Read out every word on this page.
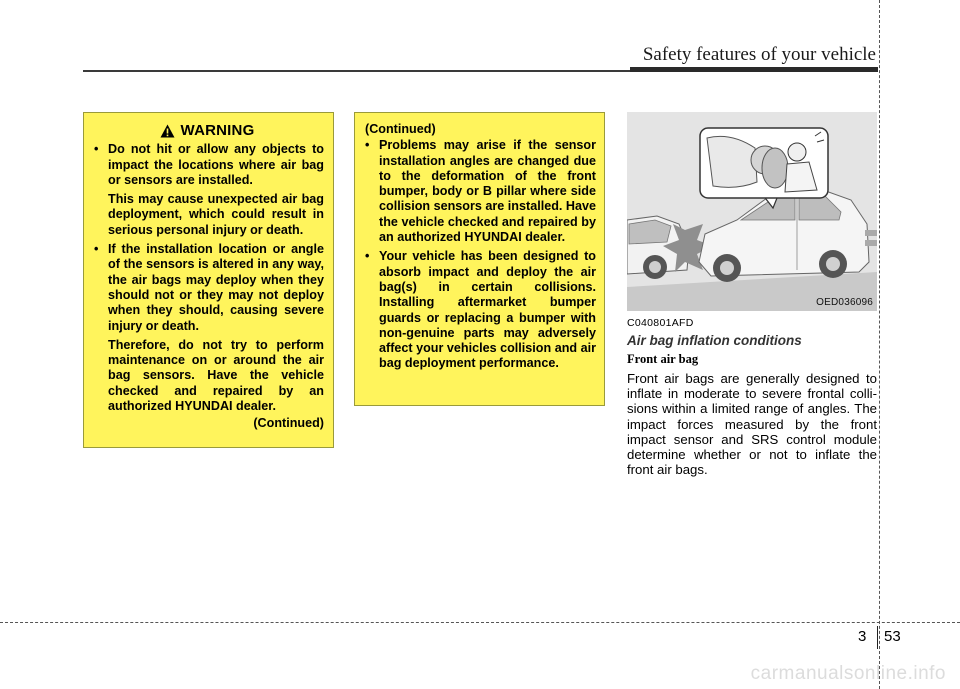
Safety features of your vehicle
WARNING
• Do not hit or allow any objects to impact the locations where air bag or sensors are installed.
This may cause unexpected air bag deployment, which could result in serious personal injury or death.
• If the installation location or angle of the sensors is altered in any way, the air bags may deploy when they should not or they may not deploy when they should, causing severe injury or death.
Therefore, do not try to perform maintenance on or around the air bag sensors. Have the vehicle checked and repaired by an authorized HYUNDAI dealer.
(Continued)
(Continued)
• Problems may arise if the sensor installation angles are changed due to the deformation of the front bumper, body or B pillar where side collision sensors are installed. Have the vehicle checked and repaired by an authorized HYUNDAI dealer.
• Your vehicle has been designed to absorb impact and deploy the air bag(s) in certain collisions. Installing aftermarket bumper guards or replacing a bumper with non-genuine parts may adversely affect your vehicles collision and air bag deployment performance.
OED036096
C040801AFD
Air bag inflation conditions
Front air bag
Front air bags are generally designed to inflate in moderate to severe frontal colli-sions within a limited range of angles. The impact forces measured by the front impact sensor and SRS control module determine whether or not to inflate the front air bags.
3 53
carmanualsonline.info
